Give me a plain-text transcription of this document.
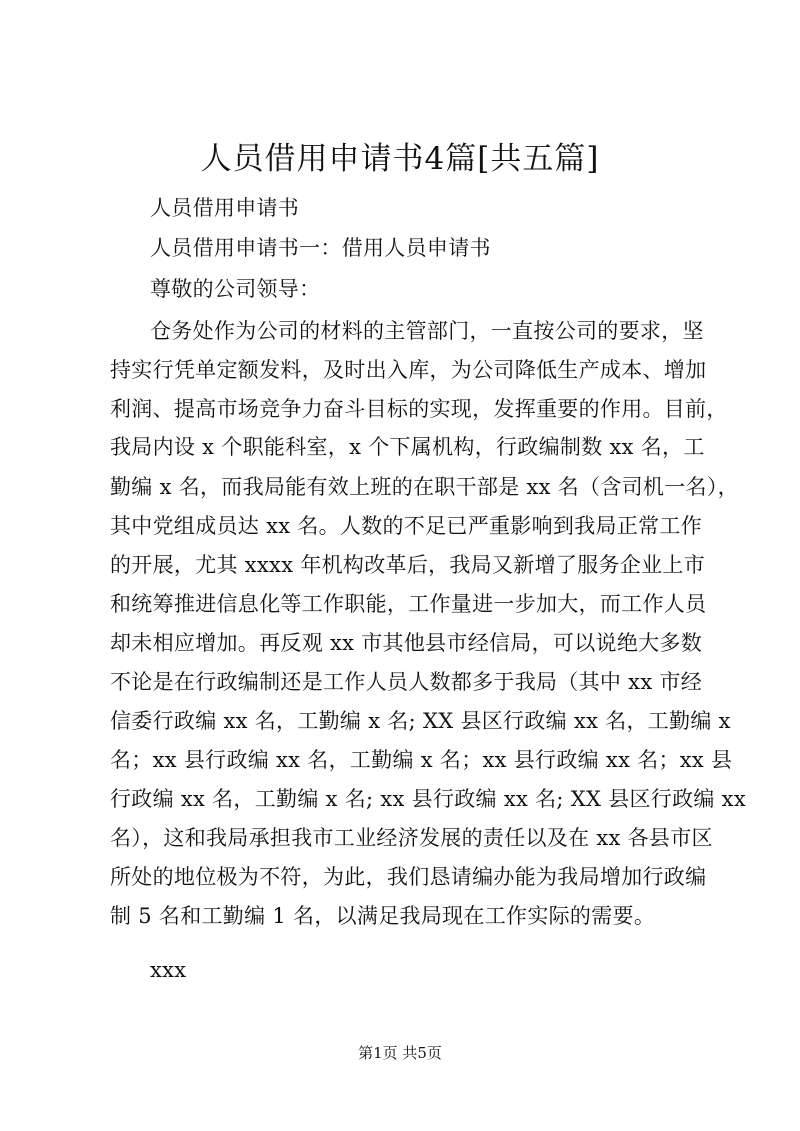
人员借用申请书4篇[共五篇]

人员借用申请书

人员借用申请书一：借用人员申请书

尊敬的公司领导：

仓务处作为公司的材料的主管部门，一直按公司的要求，坚

持实行凭单定额发料，及时出入库，为公司降低生产成本、增加

利润、提高市场竞争力奋斗目标的实现，发挥重要的作用。目前，

我局内设 x 个职能科室，x 个下属机构，行政编制数 xx 名，工

勤编 x 名，而我局能有效上班的在职干部是 xx 名（含司机一名），

其中党组成员达 xx 名。人数的不足已严重影响到我局正常工作

的开展，尤其 xxxx 年机构改革后，我局又新增了服务企业上市

和统筹推进信息化等工作职能，工作量进一步加大，而工作人员

却未相应增加。再反观 xx 市其他县市经信局，可以说绝大多数

不论是在行政编制还是工作人员人数都多于我局（其中 xx 市经

信委行政编 xx 名，工勤编 x 名; XX 县区行政编 xx 名，工勤编 x

名；xx 县行政编 xx 名，工勤编 x 名；xx 县行政编 xx 名；xx 县

行政编 xx 名，工勤编 x 名; xx 县行政编 xx 名; XX 县区行政编 xx

名），这和我局承担我市工业经济发展的责任以及在 xx 各县市区

所处的地位极为不符，为此，我们恳请编办能为我局增加行政编

制 5 名和工勤编 1 名，以满足我局现在工作实际的需要。

xxx

第1页 共5页
